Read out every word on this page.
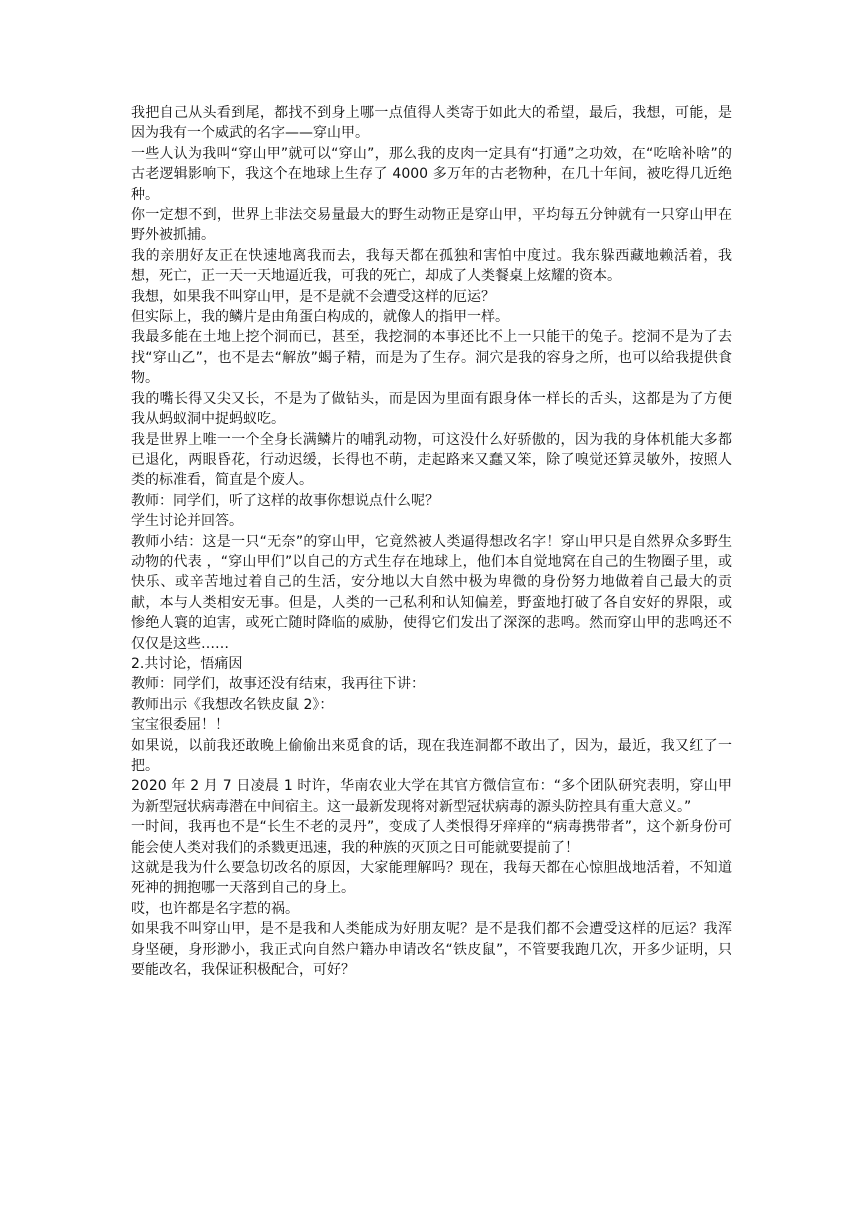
我把自己从头看到尾，都找不到身上哪一点值得人类寄于如此大的希望，最后，我想，可能，是因为我有一个威武的名字——穿山甲。

一些人认为我叫“穿山甲”就可以“穿山”，那么我的皮肉一定具有“打通”之功效，在“吃啥补啥”的古老逻辑影响下，我这个在地球上生存了 4000 多万年的古老物种，在几十年间，被吃得几近绝种。

你一定想不到，世界上非法交易量最大的野生动物正是穿山甲，平均每五分钟就有一只穿山甲在野外被抓捕。

我的亲朋好友正在快速地离我而去，我每天都在孤独和害怕中度过。我东躲西藏地赖活着，我想，死亡，正一天一天地逼近我，可我的死亡，却成了人类餐桌上炫耀的资本。

我想，如果我不叫穿山甲，是不是就不会遭受这样的厄运？

但实际上，我的鳞片是由角蛋白构成的，就像人的指甲一样。

我最多能在土地上挖个洞而已，甚至，我挖洞的本事还比不上一只能干的兔子。挖洞不是为了去找“穿山乙”，也不是去“解放”蝎子精，而是为了生存。洞穴是我的容身之所，也可以给我提供食物。

我的嘴长得又尖又长，不是为了做钻头，而是因为里面有跟身体一样长的舌头，这都是为了方便我从蚂蚁洞中捉蚂蚁吃。

我是世界上唯一一个全身长满鳞片的哺乳动物，可这没什么好骄傲的，因为我的身体机能大多都已退化，两眼昏花，行动迟缓，长得也不萌，走起路来又蠢又笨，除了嗅觉还算灵敏外，按照人类的标准看，简直是个废人。

教师：同学们，听了这样的故事你想说点什么呢？

学生讨论并回答。

教师小结：这是一只“无奈”的穿山甲，它竟然被人类逼得想改名字！穿山甲只是自然界众多野生动物的代表 ，“穿山甲们”以自己的方式生存在地球上，他们本自觉地窝在自己的生物圈子里，或快乐、或辛苦地过着自己的生活，安分地以大自然中极为卑微的身份努力地做着自己最大的贡献，本与人类相安无事。但是，人类的一己私利和认知偏差，野蛮地打破了各自安好的界限，或惨绝人寰的迫害，或死亡随时降临的威胁，使得它们发出了深深的悲鸣。然而穿山甲的悲鸣还不仅仅是这些……

2.共讨论，悟痛因

教师：同学们，故事还没有结束，我再往下讲：

教师出示《我想改名铁皮鼠 2》：

宝宝很委屈！！

如果说，以前我还敢晚上偷偷出来觅食的话，现在我连洞都不敢出了，因为，最近，我又红了一把。

2020 年 2 月 7 日凌晨 1 时许，华南农业大学在其官方微信宣布：“多个团队研究表明，穿山甲为新型冠状病毒潜在中间宿主。这一最新发现将对新型冠状病毒的源头防控具有重大意义。”

一时间，我再也不是“长生不老的灵丹”，变成了人类恨得牙痒痒的“病毒携带者”，这个新身份可能会使人类对我们的杀戮更迅速，我的种族的灭顶之日可能就要提前了！

这就是我为什么要急切改名的原因，大家能理解吗？现在，我每天都在心惊胆战地活着，不知道死神的拥抱哪一天落到自己的身上。

哎，也许都是名字惹的祸。

如果我不叫穿山甲，是不是我和人类能成为好朋友呢？是不是我们都不会遭受这样的厄运？我浑身坚硬，身形渺小，我正式向自然户籍办申请改名“铁皮鼠”，不管要我跑几次，开多少证明，只要能改名，我保证积极配合，可好？
